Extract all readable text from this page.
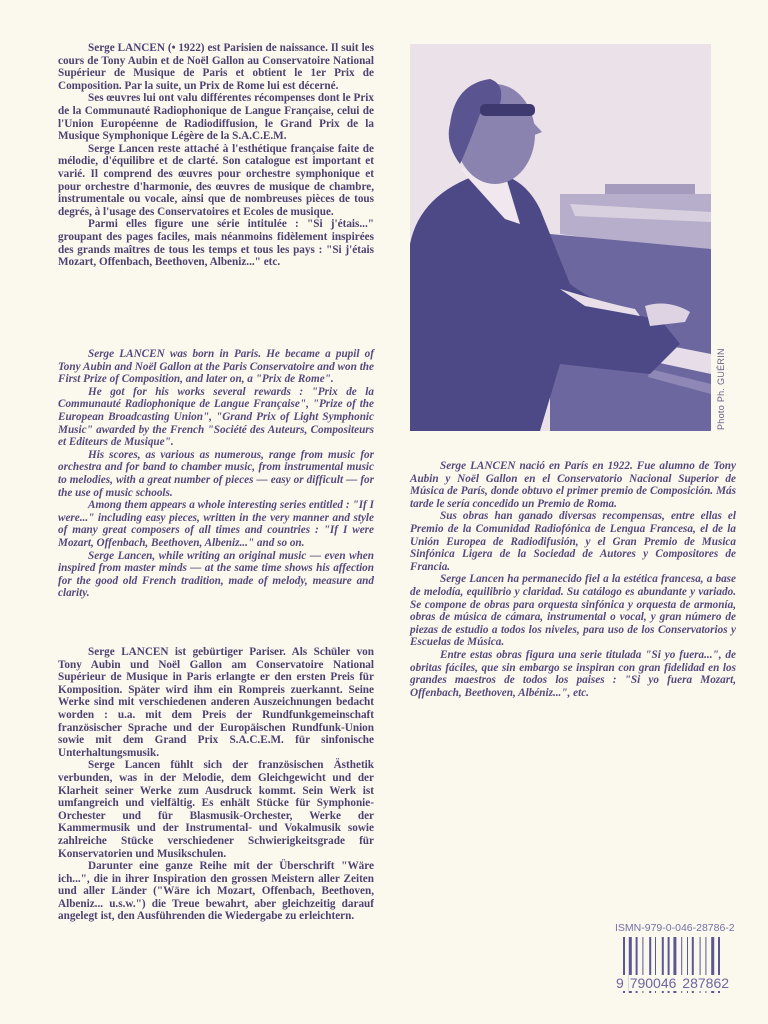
Serge LANCEN (• 1922) est Parisien de naissance. Il suit les cours de Tony Aubin et de Noël Gallon au Conservatoire National Supérieur de Musique de Paris et obtient le 1er Prix de Composition. Par la suite, un Prix de Rome lui est décerné.

Ses œuvres lui ont valu différentes récompenses dont le Prix de la Communauté Radiophonique de Langue Française, celui de l'Union Européenne de Radiodiffusion, le Grand Prix de la Musique Symphonique Légère de la S.A.C.E.M.

Serge Lancen reste attaché à l'esthétique française faite de mélodie, d'équilibre et de clarté. Son catalogue est important et varié. Il comprend des œuvres pour orchestre symphonique et pour orchestre d'harmonie, des œuvres de musique de chambre, instrumentale ou vocale, ainsi que de nombreuses pièces de tous degrés, à l'usage des Conservatoires et Ecoles de musique.

Parmi elles figure une série intitulée : "Si j'étais..." groupant des pages faciles, mais néanmoins fidèlement inspirées des grands maîtres de tous les temps et tous les pays : "Si j'étais Mozart, Offenbach, Beethoven, Albeniz..." etc.

Serge LANCEN was born in Paris. He became a pupil of Tony Aubin and Noël Gallon at the Paris Conservatoire and won the First Prize of Composition, and later on, a "Prix de Rome".

He got for his works several rewards : "Prix de la Communauté Radiophonique de Langue Française", "Prize of the European Broadcasting Union", "Grand Prix of Light Symphonic Music" awarded by the French "Société des Auteurs, Compositeurs et Editeurs de Musique".

His scores, as various as numerous, range from music for orchestra and for band to chamber music, from instrumental music to melodies, with a great number of pieces — easy or difficult — for the use of music schools.

Among them appears a whole interesting series entitled : "If I were..." including easy pieces, written in the very manner and style of many great composers of all times and countries : "If I were Mozart, Offenbach, Beethoven, Albeniz..." and so on.

Serge Lancen, while writing an original music — even when inspired from master minds — at the same time shows his affection for the good old French tradition, made of melody, measure and clarity.

Serge LANCEN ist gebürtiger Pariser. Als Schüler von Tony Aubin und Noël Gallon am Conservatoire National Supérieur de Musique in Paris erlangte er den ersten Preis für Komposition. Später wird ihm ein Rompreis zuerkannt. Seine Werke sind mit verschiedenen anderen Auszeichnungen bedacht worden : u.a. mit dem Preis der Rundfunkgemeinschaft französischer Sprache und der Europäischen Rundfunk-Union sowie mit dem Grand Prix S.A.C.E.M. für sinfonische Unterhaltungsmusik.

Serge Lancen fühlt sich der französischen Ästhetik verbunden, was in der Melodie, dem Gleichgewicht und der Klarheit seiner Werke zum Ausdruck kommt. Sein Werk ist umfangreich und vielfältig. Es enhält Stücke für Symphonie-Orchester und für Blasmusik-Orchester, Werke der Kammermusik und der Instrumental- und Vokalmusik sowie zahlreiche Stücke verschiedener Schwierigkeitsgrade für Konservatorien und Musikschulen.

Darunter eine ganze Reihe mit der Überschrift "Wäre ich...", die in ihrer Inspiration den grossen Meistern aller Zeiten und aller Länder ("Wäre ich Mozart, Offenbach, Beethoven, Albeniz... u.s.w.") die Treue bewahrt, aber gleichzeitig darauf angelegt ist, den Ausführenden die Wiedergabe zu erleichtern.

Photo Ph. GUÉRIN

Serge LANCEN nació en París en 1922. Fue alumno de Tony Aubin y Noël Gallon en el Conservatorio Nacional Superior de Música de París, donde obtuvo el primer premio de Composición. Más tarde le sería concedido un Premio de Roma.

Sus obras han ganado diversas recompensas, entre ellas el Premio de la Comunidad Radiofónica de Lengua Francesa, el de la Unión Europea de Radiodifusión, y el Gran Premio de Musica Sinfónica Ligera de la Sociedad de Autores y Compositores de Francia.

Serge Lancen ha permanecido fiel a la estética francesa, a base de melodía, equilibrio y claridad. Su catálogo es abundante y variado. Se compone de obras para orquesta sinfónica y orquesta de armonía, obras de música de cámara, instrumental o vocal, y gran número de piezas de estudio a todos los niveles, para uso de los Conservatorios y Escuelas de Música.

Entre estas obras figura una serie titulada "Si yo fuera...", de obritas fáciles, que sin embargo se inspiran con gran fidelidad en los grandes maestros de todos los paises : "Si yo fuera Mozart, Offenbach, Beethoven, Albéniz...", etc.

ISMN-979-0-046-28786-2
9 790046 287862
